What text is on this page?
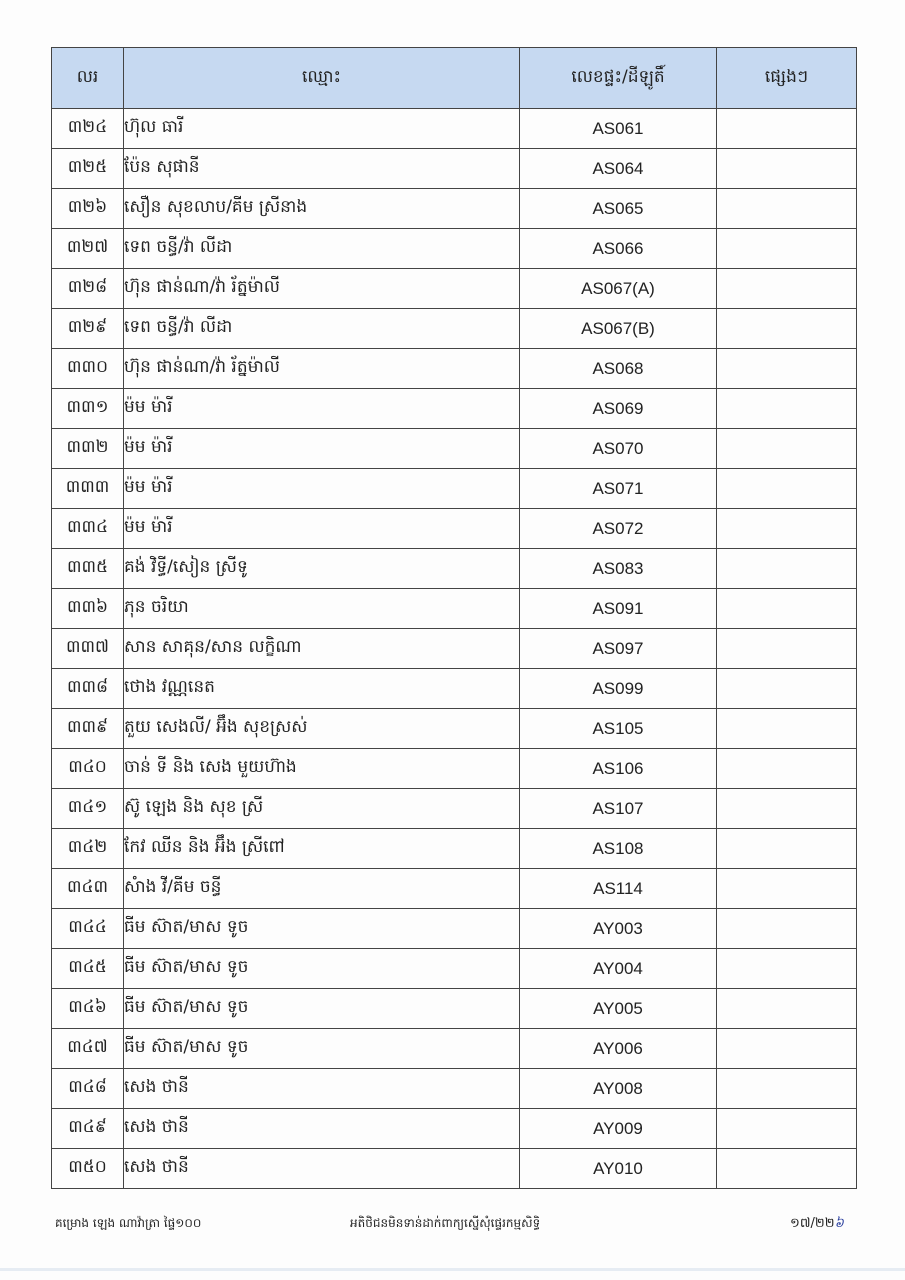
លរ	ឈ្មោះ	លេខផ្ទះ/ដីឡូតិ៍	ផ្សេងៗ
៣២៤	ហ៊ុល ធារី	AS061	
៣២៥	ប៉ែន សុផានី	AS064	
៣២៦	សឿន សុខលាប/គីម ស្រីនាង	AS065	
៣២៧	ទេព ចន្ធី/វ៉ា លីដា	AS066	
៣២៨	ហ៊ុន ផាន់ណា/វ៉ា រ័ត្នម៉ាលី	AS067(A)	
៣២៩	ទេព ចន្ធី/វ៉ា លីដា	AS067(B)	
៣៣០	ហ៊ុន ផាន់ណា/វ៉ា រ័ត្នម៉ាលី	AS068	
៣៣១	ម៉ម ម៉ារី	AS069	
៣៣២	ម៉ម ម៉ារី	AS070	
៣៣៣	ម៉ម ម៉ារី	AS071	
៣៣៤	ម៉ម ម៉ារី	AS072	
៣៣៥	គង់ វិទ្ធី/សៀន ស្រីទូ	AS083	
៣៣៦	ភុន ចរិយា	AS091	
៣៣៧	សាន សាគុន/សាន លក្ខិណា	AS097	
៣៣៨	ថោង វណ្ណនេត	AS099	
៣៣៩	តួយ សេងលី/ អ៊ឹង សុខស្រស់	AS105	
៣៤០	ចាន់ ទី និង សេង មួយហ៊ាង	AS106	
៣៤១	ស៊ូ ឡេង និង សុខ ស្រី	AS107	
៣៤២	កែវ ឈីន និង អ៊ឹង ស្រីពៅ	AS108	
៣៤៣	សំាង វី/គីម ចន្ធី	AS114	
៣៤៤	ធីម ស៊ាត/មាស ទូច	AY003	
៣៤៥	ធីម ស៊ាត/មាស ទូច	AY004	
៣៤៦	ធីម ស៊ាត/មាស ទូច	AY005	
៣៤៧	ធីម ស៊ាត/មាស ទូច	AY006	
៣៤៨	សេង ថានី	AY008	
៣៤៩	សេង ថានី	AY009	
៣៥០	សេង ថានី	AY010	
គម្រោង ឡេង ណាវ៉ាត្រា ផ្ទៃ១០០	អតិថិជនមិនទាន់ដាក់ពាក្យស្នើសុំផ្ទេរកម្មសិទ្ធិ	១៧/២២៦
